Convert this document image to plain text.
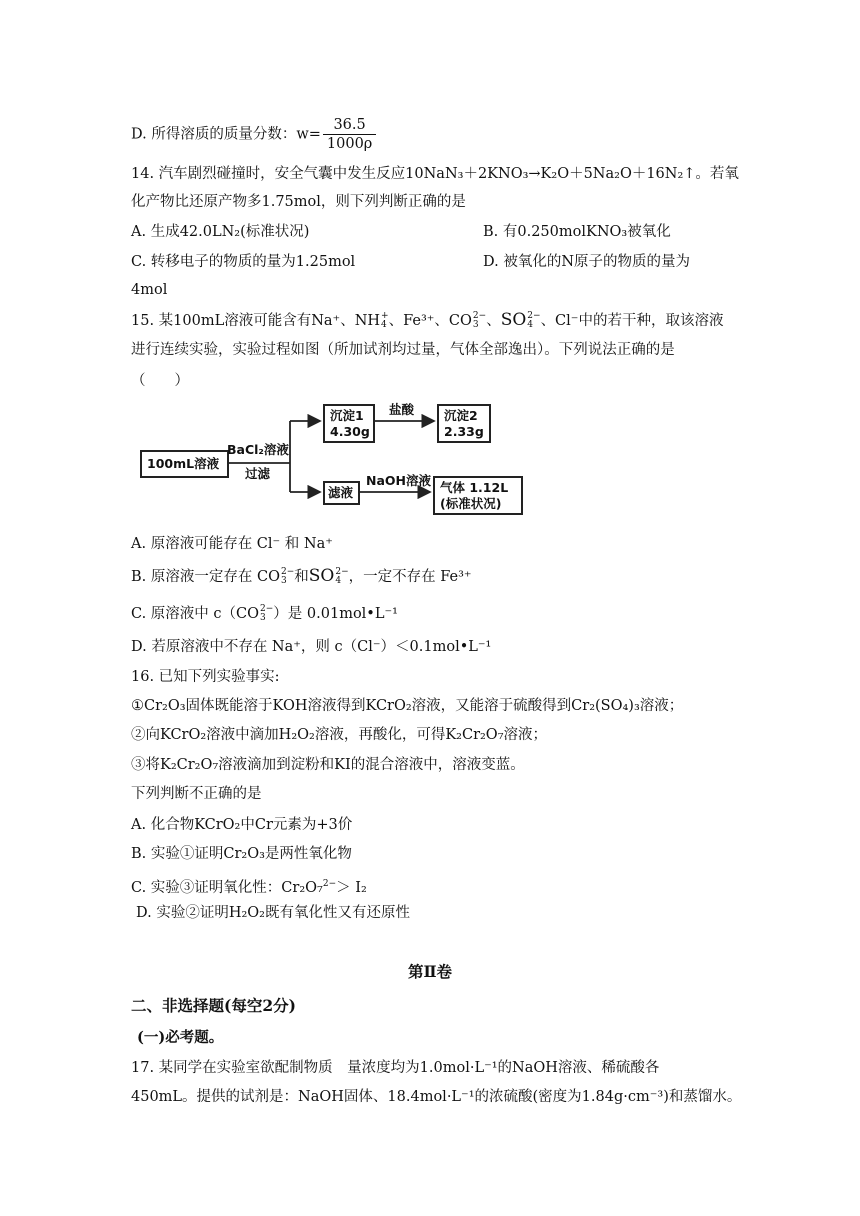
D. 所得溶质的质量分数：$w= \frac{36.5}{1000\rho}$
14. 汽车剧烈碰撞时，安全气囊中发生反应10NaN₃＋2KNO₃→K₂O＋5Na₂O＋16N₂↑。若氧
化产物比还原产物多1.75mol，则下列判断正确的是
A. 生成42.0LN₂(标准状况)	B. 有0.250molKNO₃被氧化
C. 转移电子的物质的量为1.25mol	D. 被氧化的N原子的物质的量为
4mol
15. 某100mL溶液可能含有Na⁺、NH +
4 、Fe³⁺、CO 2−
3 、SO 2−
4 、Cl⁻中的若干种，取该溶液
进行连续实验，实验过程如图（所加试剂均过量，气体全部逸出）。下列说法正确的是
（　　）
100mL溶液
BaCl₂溶液
过滤
沉淀1
4.30g
盐酸 沉淀2
2.33g
滤液
NaOH溶液 气体 1.12L
(标准状况)
A. 原溶液可能存在 Cl⁻ 和 Na⁺
B. 原溶液一定存在 CO 2−
3 和SO 2−
4 ，一定不存在 Fe³⁺
C. 原溶液中 c（CO 2−
3 ）是 0.01mol•L⁻¹
D. 若原溶液中不存在 Na⁺，则 c（Cl⁻）＜0.1mol•L⁻¹
16. 已知下列实验事实:
①Cr₂O₃固体既能溶于KOH溶液得到KCrO₂溶液，又能溶于硫酸得到Cr₂(SO₄)₃溶液；
②向KCrO₂溶液中滴加H₂O₂溶液，再酸化，可得K₂Cr₂O₇溶液；
③将K₂Cr₂O₇溶液滴加到淀粉和KI的混合溶液中，溶液变蓝。
下列判断不正确的是
A. 化合物KCrO₂中Cr元素为+3价
B. 实验①证明Cr₂O₃是两性氧化物
C. 实验③证明氧化性：Cr₂O₇$^{2-}$＞ I₂
D. 实验②证明H₂O₂既有氧化性又有还原性
第Ⅱ卷
二、非选择题(每空2分)
(一)必考题。
17. 某同学在实验室欲配制物质　量浓度均为1.0mol·L⁻¹的NaOH溶液、稀硫酸各
450mL。提供的试剂是：NaOH固体、18.4mol·L⁻¹的浓硫酸(密度为1.84g·cm⁻³)和蒸馏水。
